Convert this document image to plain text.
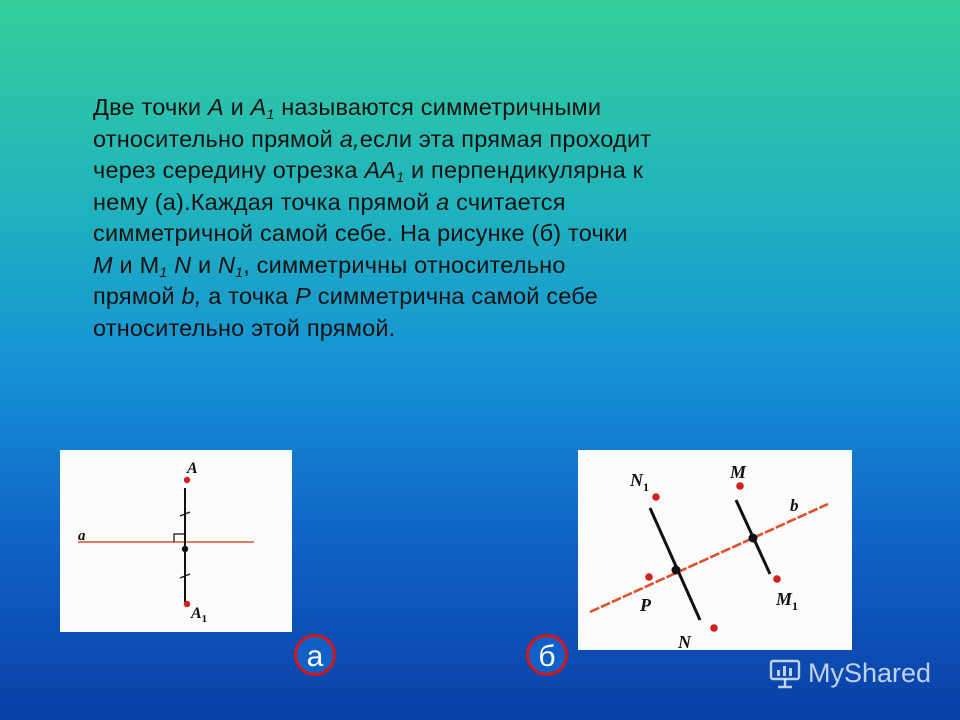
Две точки A и $A_1$ называются симметричными
относительно прямой a,если эта прямая проходит
через середину отрезка $AA_1$ и перпендикулярна к
нему (а).Каждая точка прямой a считается
симметричной самой себе. На рисунке (б) точки
M и $M_1$ N и $N_1$, симметричны относительно
прямой b, а точка P симметрична самой себе
относительно этой прямой.
A
$A_1$
a
$N_1$
M
b
P	$M_1$
N
а	б	MyShared
